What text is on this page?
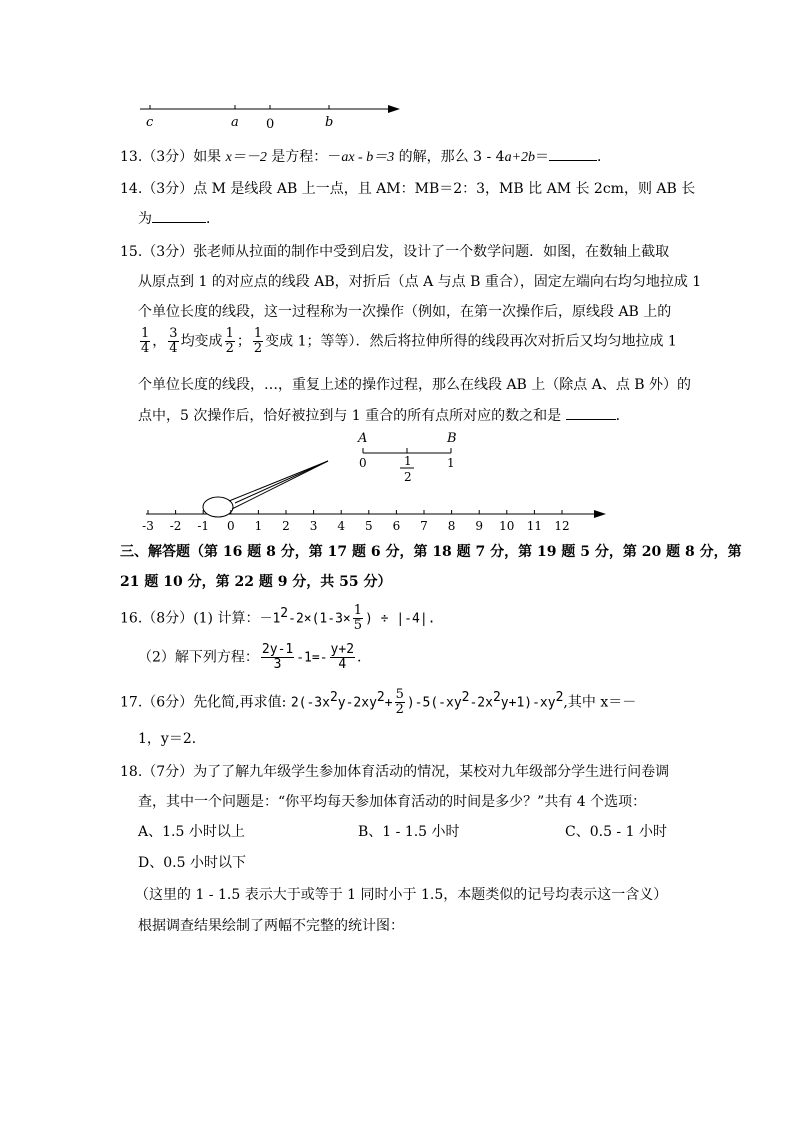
c	a 0	b
13.（3分）如果 x＝－2 是方程：－ax - b＝3 的解，那么 3 - 4a+2b＝	．
14.（3分）点 M 是线段 AB 上一点，且 AM：MB＝2：3，MB 比 AM 长 2cm，则 AB 长
为	．
15.（3分）张老师从拉面的制作中受到启发，设计了一个数学问题．如图，在数轴上截取
从原点到 1 的对应点的线段 AB，对折后（点 A 与点 B 重合），固定左端向右均匀地拉成 1
个单位长度的线段，这一过程称为一次操作（例如，在第一次操作后，原线段 AB 上的
$\frac{1}{4}$ ， $\frac{3}{4}$ 均变成 $\frac{1}{2}$ ； $\frac{1}{2}$ 变成 1；等等）．然后将拉伸所得的线段再次对折后又均匀地拉成 1
个单位长度的线段，…，重复上述的操作过程，那么在线段 AB 上（除点 A、点 B 外）的
点中，5 次操作后，恰好被拉到与 1 重合的所有点所对应的数之和是	．
A	B
0	1
2
1
-3 -2 -1 0 1 2 3 4 5 6 7 8 9 10 11 12
三、解答题（第 16 题 8 分，第 17 题 6 分，第 18 题 7 分，第 19 题 5 分，第 20 题 8 分，第
21 题 10 分，第 22 题 9 分，共 55 分）
16.（8分）(1) 计算：$-1^2-2\times(1-3\times \frac{1}{5}$ ) ÷ |-4|.
（2）解下列方程： $\frac{2y-1}{3} -1=- \frac{y+2}{4}$ .
17.（6分）先化简,再求值: $2(-3x^2y-2xy^2+ \frac{5}{2} )-5(-xy^2-2x^2y+1)-xy^2$,其中 x＝－
1，y＝2．
18.（7分）为了了解九年级学生参加体育活动的情况，某校对九年级部分学生进行问卷调
查，其中一个问题是：“你平均每天参加体育活动的时间是多少？”共有 4 个选项：
A、1.5 小时以上	B、1 - 1.5 小时	C、0.5 - 1 小时
D、0.5 小时以下
（这里的 1 - 1.5 表示大于或等于 1 同时小于 1.5，本题类似的记号均表示这一含义）
根据调查结果绘制了两幅不完整的统计图：
